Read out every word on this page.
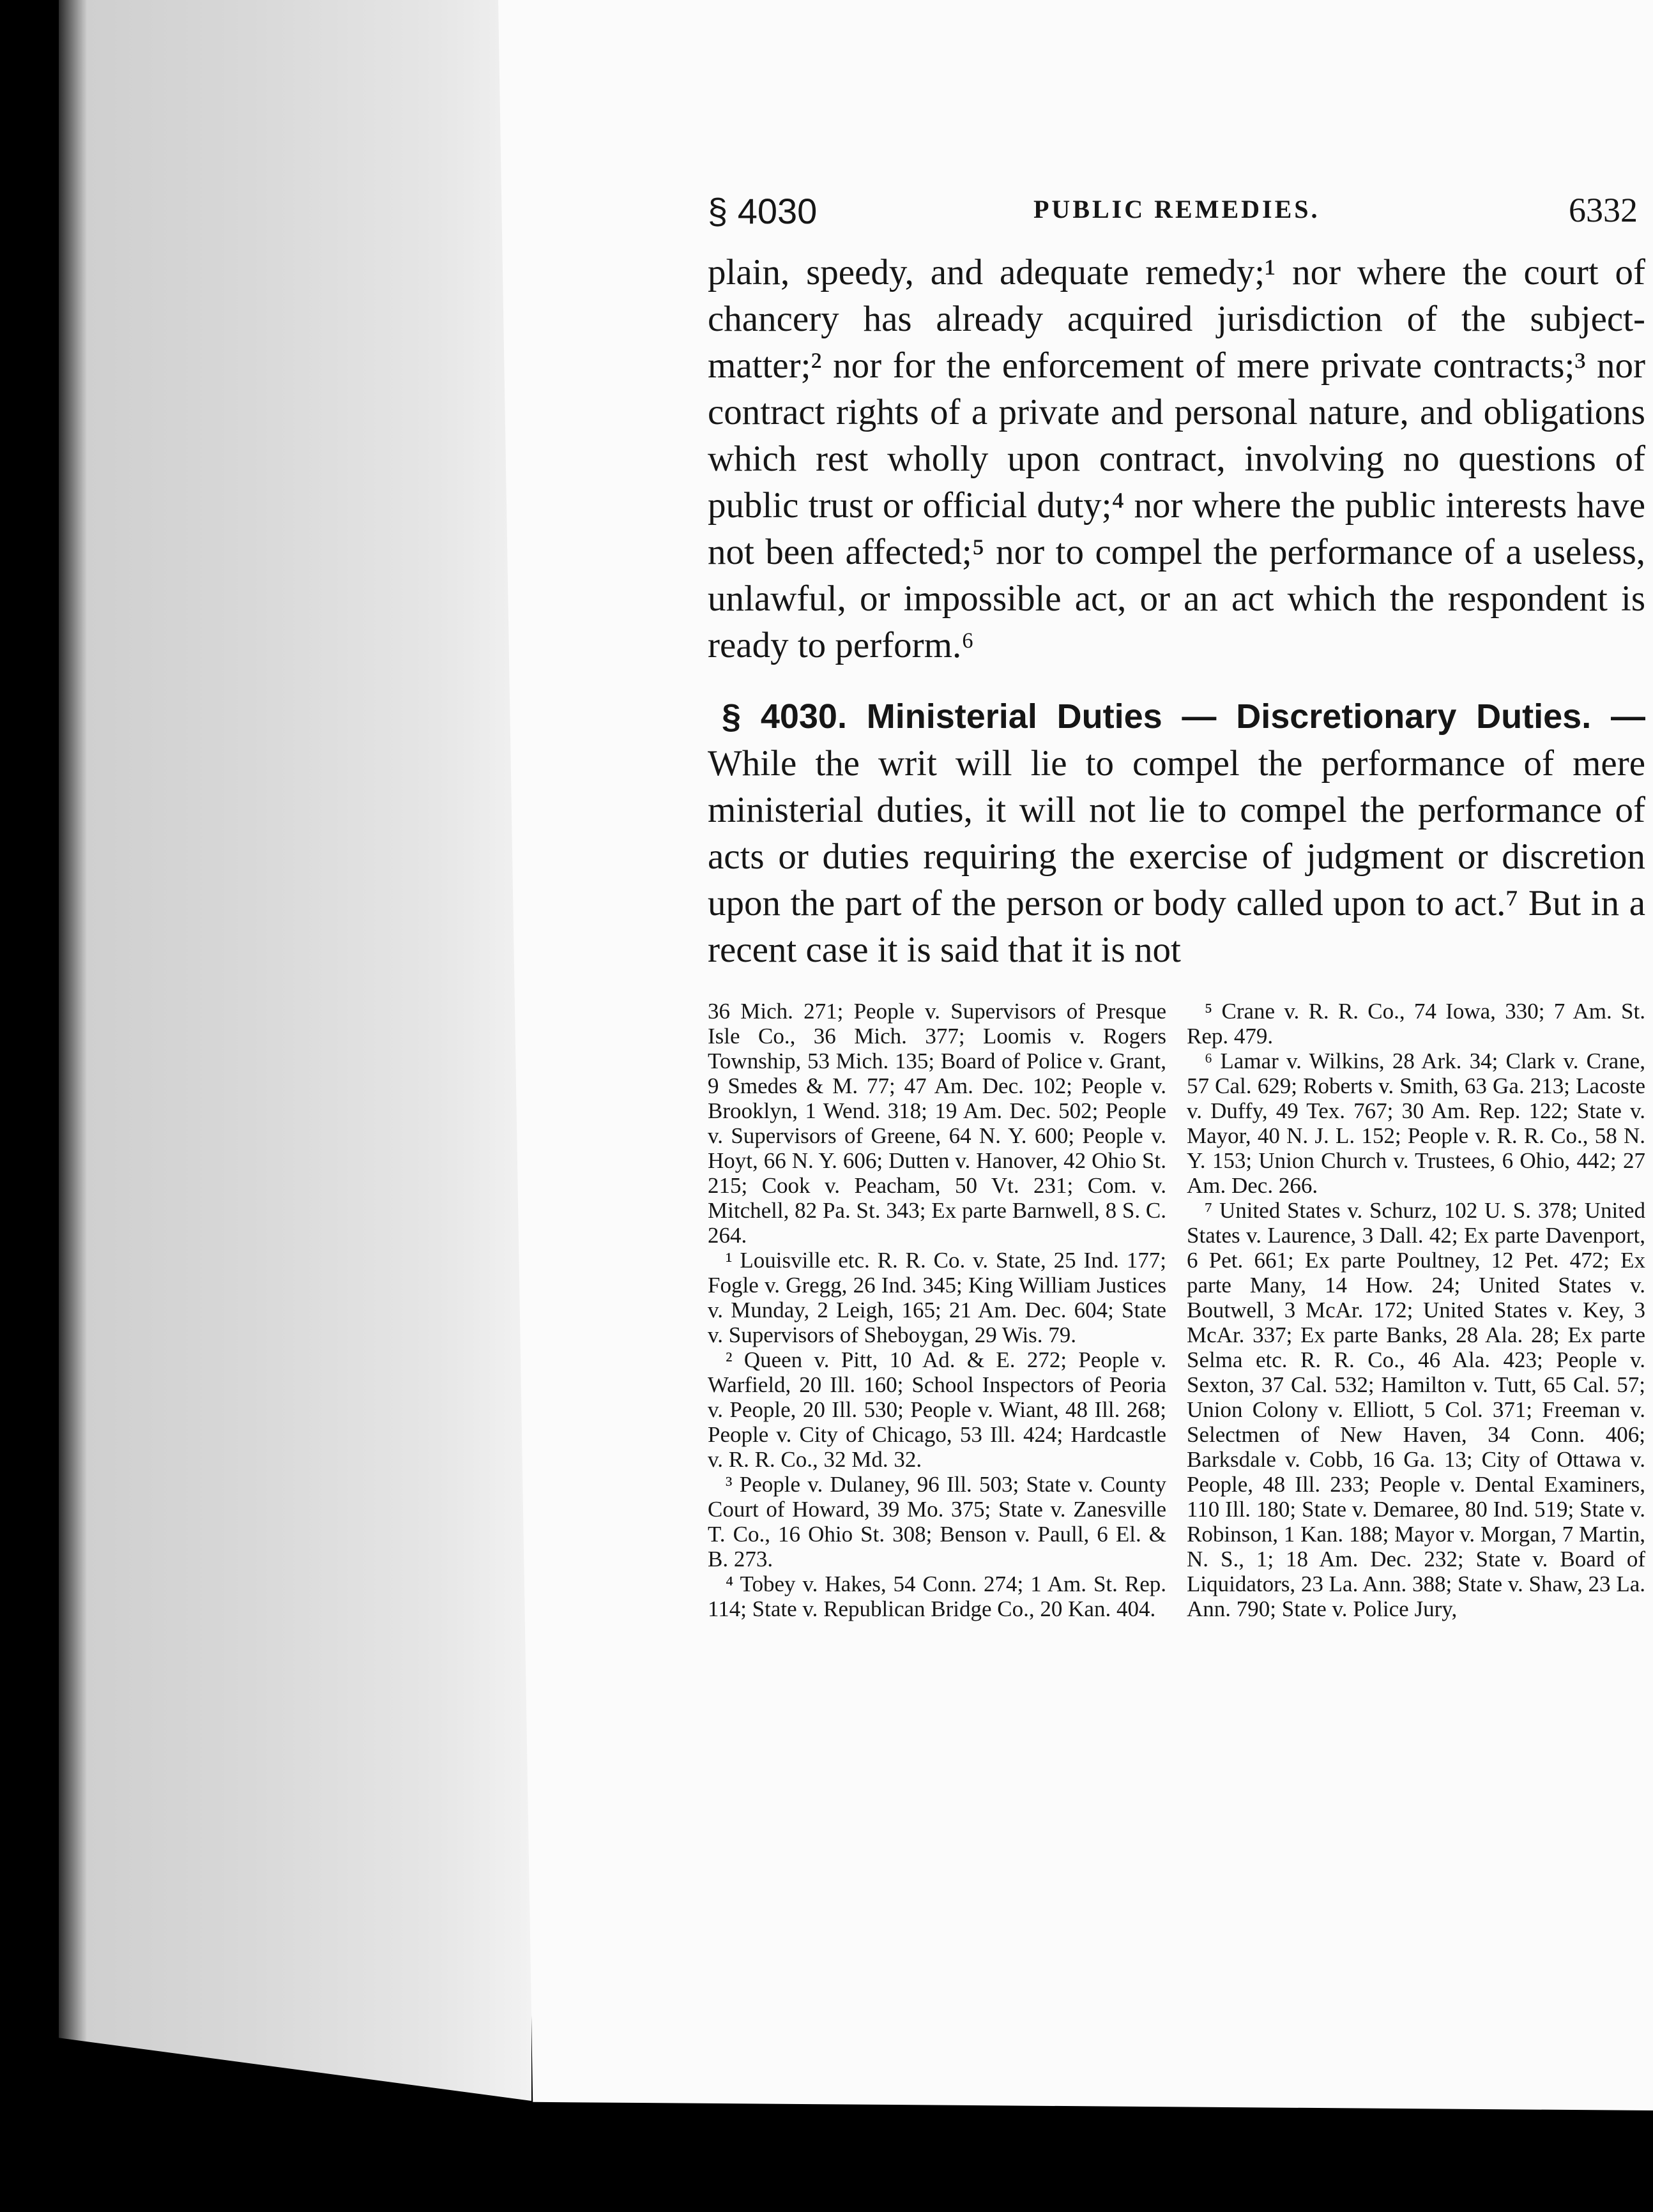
§ 4030	PUBLIC REMEDIES.	6332

plain, speedy, and adequate remedy;¹ nor where the court of chancery has already acquired jurisdiction of the subject-matter;² nor for the enforcement of mere private contracts;³ nor contract rights of a private and personal nature, and obligations which rest wholly upon contract, involving no questions of public trust or official duty;⁴ nor where the public interests have not been affected;⁵ nor to compel the performance of a useless, unlawful, or impossible act, or an act which the respondent is ready to perform.⁶

§ 4030. Ministerial Duties — Discretionary Duties. — While the writ will lie to compel the performance of mere ministerial duties, it will not lie to compel the performance of acts or duties requiring the exercise of judgment or discretion upon the part of the person or body called upon to act.⁷ But in a recent case it is said that it is not

36 Mich. 271; People v. Supervisors of Presque Isle Co., 36 Mich. 377; Loomis v. Rogers Township, 53 Mich. 135; Board of Police v. Grant, 9 Smedes & M. 77; 47 Am. Dec. 102; People v. Brooklyn, 1 Wend. 318; 19 Am. Dec. 502; People v. Supervisors of Greene, 64 N. Y. 600; People v. Hoyt, 66 N. Y. 606; Dutten v. Hanover, 42 Ohio St. 215; Cook v. Peacham, 50 Vt. 231; Com. v. Mitchell, 82 Pa. St. 343; Ex parte Barnwell, 8 S. C. 264.

¹ Louisville etc. R. R. Co. v. State, 25 Ind. 177; Fogle v. Gregg, 26 Ind. 345; King William Justices v. Munday, 2 Leigh, 165; 21 Am. Dec. 604; State v. Supervisors of Sheboygan, 29 Wis. 79.

² Queen v. Pitt, 10 Ad. & E. 272; People v. Warfield, 20 Ill. 160; School Inspectors of Peoria v. People, 20 Ill. 530; People v. Wiant, 48 Ill. 268; People v. City of Chicago, 53 Ill. 424; Hardcastle v. R. R. Co., 32 Md. 32.

³ People v. Dulaney, 96 Ill. 503; State v. County Court of Howard, 39 Mo. 375; State v. Zanesville T. Co., 16 Ohio St. 308; Benson v. Paull, 6 El. & B. 273.

⁴ Tobey v. Hakes, 54 Conn. 274; 1 Am. St. Rep. 114; State v. Republican Bridge Co., 20 Kan. 404.

⁵ Crane v. R. R. Co., 74 Iowa, 330; 7 Am. St. Rep. 479.

⁶ Lamar v. Wilkins, 28 Ark. 34; Clark v. Crane, 57 Cal. 629; Roberts v. Smith, 63 Ga. 213; Lacoste v. Duffy, 49 Tex. 767; 30 Am. Rep. 122; State v. Mayor, 40 N. J. L. 152; People v. R. R. Co., 58 N. Y. 153; Union Church v. Trustees, 6 Ohio, 442; 27 Am. Dec. 266.

⁷ United States v. Schurz, 102 U. S. 378; United States v. Laurence, 3 Dall. 42; Ex parte Davenport, 6 Pet. 661; Ex parte Poultney, 12 Pet. 472; Ex parte Many, 14 How. 24; United States v. Boutwell, 3 McAr. 172; United States v. Key, 3 McAr. 337; Ex parte Banks, 28 Ala. 28; Ex parte Selma etc. R. R. Co., 46 Ala. 423; People v. Sexton, 37 Cal. 532; Hamilton v. Tutt, 65 Cal. 57; Union Colony v. Elliott, 5 Col. 371; Freeman v. Selectmen of New Haven, 34 Conn. 406; Barksdale v. Cobb, 16 Ga. 13; City of Ottawa v. People, 48 Ill. 233; People v. Dental Examiners, 110 Ill. 180; State v. Demaree, 80 Ind. 519; State v. Robinson, 1 Kan. 188; Mayor v. Morgan, 7 Martin, N. S., 1; 18 Am. Dec. 232; State v. Board of Liquidators, 23 La. Ann. 388; State v. Shaw, 23 La. Ann. 790; State v. Police Jury,
